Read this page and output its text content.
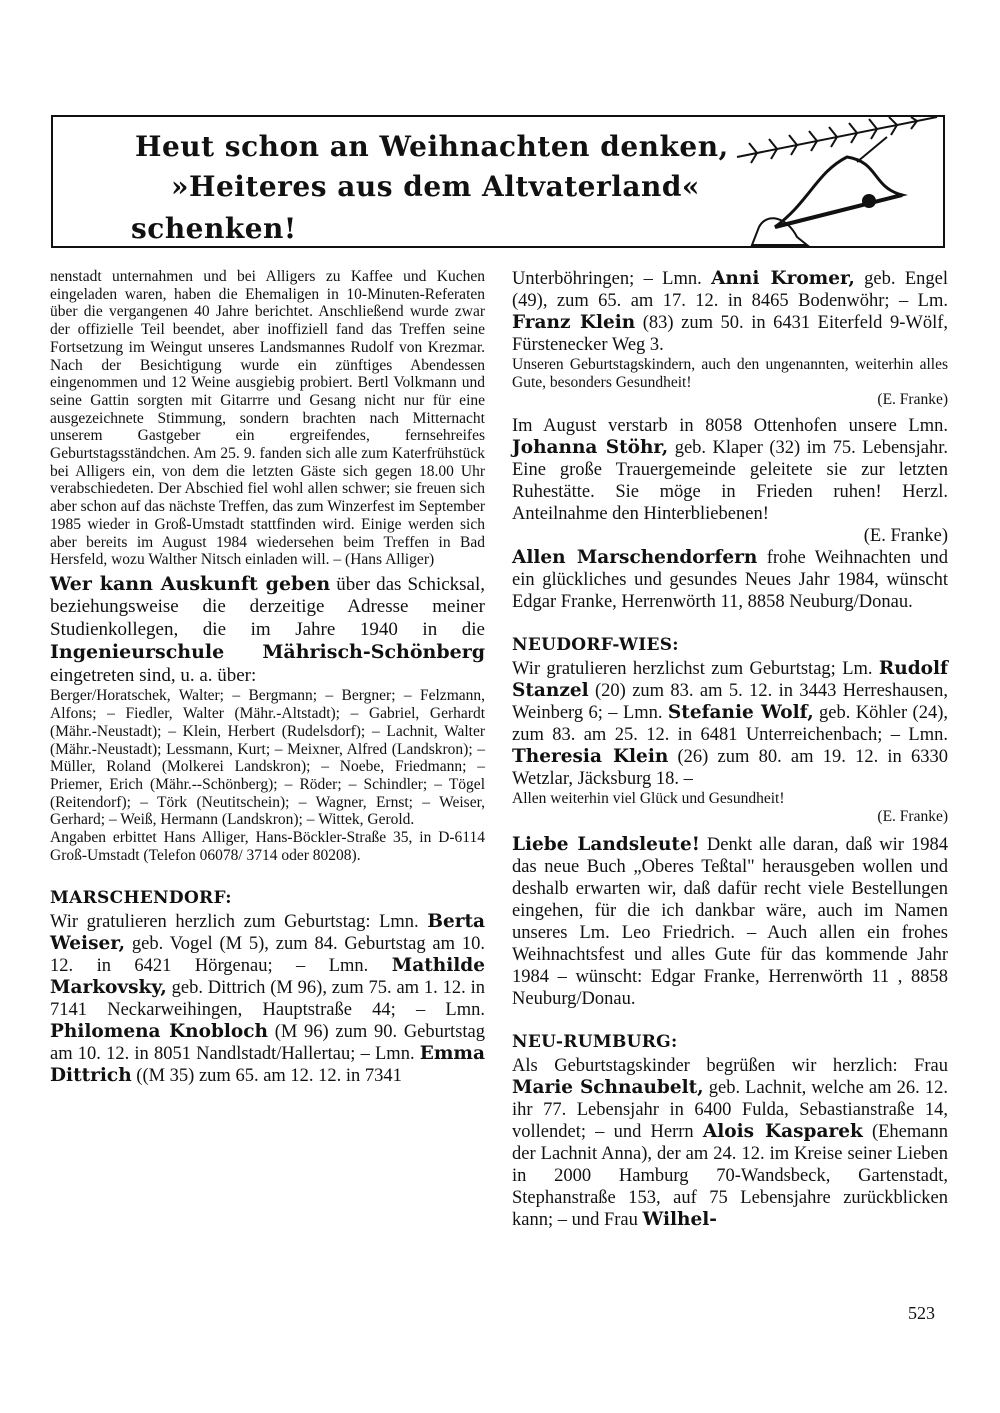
Heut schon an Weihnachten denken,
»Heiteres aus dem Altvaterland«
schenken!

nenstadt unternahmen und bei Alligers zu Kaffee und Kuchen eingeladen waren, haben die Ehemaligen in 10-Minuten-Referaten über die vergangenen 40 Jahre berichtet. Anschließend wurde zwar der offizielle Teil beendet, aber inoffiziell fand das Treffen seine Fortsetzung im Weingut unseres Landsmannes Rudolf von Krezmar. Nach der Besichtigung wurde ein zünftiges Abendessen eingenommen und 12 Weine ausgiebig probiert. Bertl Volkmann und seine Gattin sorgten mit Gitarrre und Gesang nicht nur für eine ausgezeichnete Stimmung, sondern brachten nach Mitternacht unserem Gastgeber ein ergreifendes, fernsehreifes Geburtstagsständchen. Am 25. 9. fanden sich alle zum Katerfrühstück bei Alligers ein, von dem die letzten Gäste sich gegen 18.00 Uhr verabschiedeten. Der Abschied fiel wohl allen schwer; sie freuen sich aber schon auf das nächste Treffen, das zum Winzerfest im September 1985 wieder in Groß-Umstadt stattfinden wird. Einige werden sich aber bereits im August 1984 wiedersehen beim Treffen in Bad Hersfeld, wozu Walther Nitsch einladen will. – (Hans Alliger)

Wer kann Auskunft geben über das Schicksal, beziehungsweise die derzeitige Adresse meiner Studienkollegen, die im Jahre 1940 in die Ingenieurschule Mährisch-Schönberg eingetreten sind, u. a. über:

Berger/Horatschek, Walter; – Bergmann; – Bergner; – Felzmann, Alfons; – Fiedler, Walter (Mähr.-Altstadt); – Gabriel, Gerhardt (Mähr.-Neustadt); – Klein, Herbert (Rudelsdorf); – Lachnit, Walter (Mähr.-Neustadt); Lessmann, Kurt; – Meixner, Alfred (Landskron); – Müller, Roland (Molkerei Landskron); – Noebe, Friedmann; – Priemer, Erich (Mähr.--Schönberg); – Röder; – Schindler; – Tögel (Reitendorf); – Törk (Neutitschein); – Wagner, Ernst; – Weiser, Gerhard; – Weiß, Hermann (Landskron); – Wittek, Gerold.

Angaben erbittet Hans Alliger, Hans-Böckler-Straße 35, in D-6114 Groß-Umstadt (Telefon 06078/ 3714 oder 80208).

MARSCHENDORF:

Wir gratulieren herzlich zum Geburtstag: Lmn. Berta Weiser, geb. Vogel (M 5), zum 84. Geburtstag am 10. 12. in 6421 Hörgenau; – Lmn. Mathilde Markovsky, geb. Dittrich (M 96), zum 75. am 1. 12. in 7141 Neckarweihingen, Hauptstraße 44; – Lmn. Philomena Knobloch (M 96) zum 90. Geburtstag am 10. 12. in 8051 Nandlstadt/Hallertau; – Lmn. Emma Dittrich ((M 35) zum 65. am 12. 12. in 7341

Unterböhringen; – Lmn. Anni Kromer, geb. Engel (49), zum 65. am 17. 12. in 8465 Bodenwöhr; – Lm. Franz Klein (83) zum 50. in 6431 Eiterfeld 9-Wölf, Fürstenecker Weg 3.

Unseren Geburtstagskindern, auch den ungenannten, weiterhin alles Gute, besonders Gesundheit!

(E. Franke)

Im August verstarb in 8058 Ottenhofen unsere Lmn. Johanna Stöhr, geb. Klaper (32) im 75. Lebensjahr. Eine große Trauergemeinde geleitete sie zur letzten Ruhestätte. Sie möge in Frieden ruhen! Herzl. Anteilnahme den Hinterbliebenen!

(E. Franke)

Allen Marschendorfern frohe Weihnachten und ein glückliches und gesundes Neues Jahr 1984, wünscht Edgar Franke, Herrenwörth 11, 8858 Neuburg/Donau.

NEUDORF-WIES:

Wir gratulieren herzlichst zum Geburtstag; Lm. Rudolf Stanzel (20) zum 83. am 5. 12. in 3443 Herreshausen, Weinberg 6; – Lmn. Stefanie Wolf, geb. Köhler (24), zum 83. am 25. 12. in 6481 Unterreichenbach; – Lmn. Theresia Klein (26) zum 80. am 19. 12. in 6330 Wetzlar, Jäcksburg 18. –

Allen weiterhin viel Glück und Gesundheit!

(E. Franke)

Liebe Landsleute! Denkt alle daran, daß wir 1984 das neue Buch „Oberes Teßtal" herausgeben wollen und deshalb erwarten wir, daß dafür recht viele Bestellungen eingehen, für die ich dankbar wäre, auch im Namen unseres Lm. Leo Friedrich. – Auch allen ein frohes Weihnachtsfest und alles Gute für das kommende Jahr 1984 – wünscht: Edgar Franke, Herrenwörth 11 , 8858 Neuburg/Donau.

NEU-RUMBURG:

Als Geburtstagskinder begrüßen wir herzlich: Frau Marie Schnaubelt, geb. Lachnit, welche am 26. 12. ihr 77. Lebensjahr in 6400 Fulda, Sebastianstraße 14, vollendet; – und Herrn Alois Kasparek (Ehemann der Lachnit Anna), der am 24. 12. im Kreise seiner Lieben in 2000 Hamburg 70-Wandsbeck, Gartenstadt, Stephanstraße 153, auf 75 Lebensjahre zurückblicken kann; – und Frau Wilhel-

523
